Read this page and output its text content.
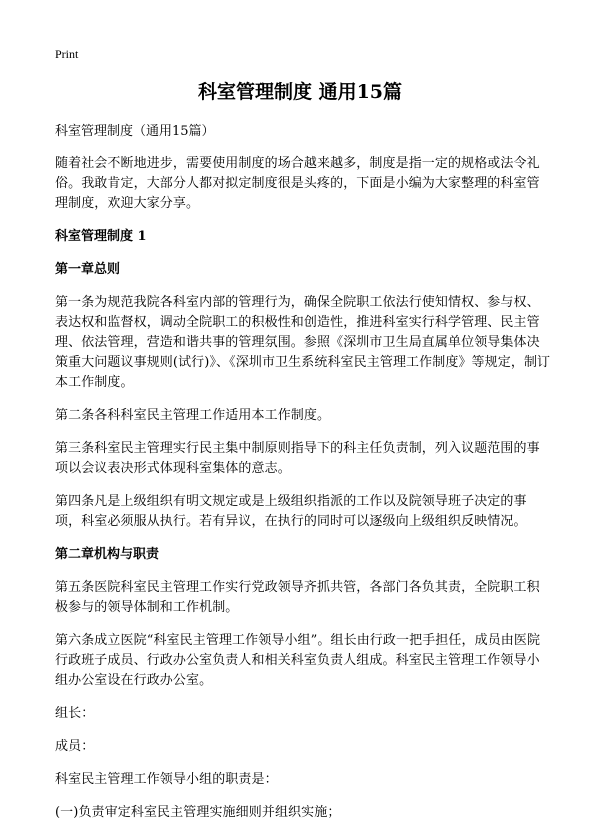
Print
科室管理制度 通用15篇

科室管理制度（通用15篇）

随着社会不断地进步，需要使用制度的场合越来越多，制度是指一定的规格或法令礼俗。我敢肯定，大部分人都对拟定制度很是头疼的，下面是小编为大家整理的科室管理制度，欢迎大家分享。

科室管理制度 1

第一章总则

第一条为规范我院各科室内部的管理行为，确保全院职工依法行使知情权、参与权、表达权和监督权，调动全院职工的积极性和创造性，推进科室实行科学管理、民主管理、依法管理，营造和谐共事的管理氛围。参照《深圳市卫生局直属单位领导集体决策重大问题议事规则(试行)》、《深圳市卫生系统科室民主管理工作制度》等规定，制订本工作制度。

第二条各科科室民主管理工作适用本工作制度。

第三条科室民主管理实行民主集中制原则指导下的科主任负责制，列入议题范围的事项以会议表决形式体现科室集体的意志。

第四条凡是上级组织有明文规定或是上级组织指派的工作以及院领导班子决定的事项，科室必须服从执行。若有异议，在执行的同时可以逐级向上级组织反映情况。

第二章机构与职责

第五条医院科室民主管理工作实行党政领导齐抓共管，各部门各负其责，全院职工积极参与的领导体制和工作机制。

第六条成立医院“科室民主管理工作领导小组”。组长由行政一把手担任，成员由医院行政班子成员、行政办公室负责人和相关科室负责人组成。科室民主管理工作领导小组办公室设在行政办公室。

组长：

成员：

科室民主管理工作领导小组的职责是：

(一)负责审定科室民主管理实施细则并组织实施；
